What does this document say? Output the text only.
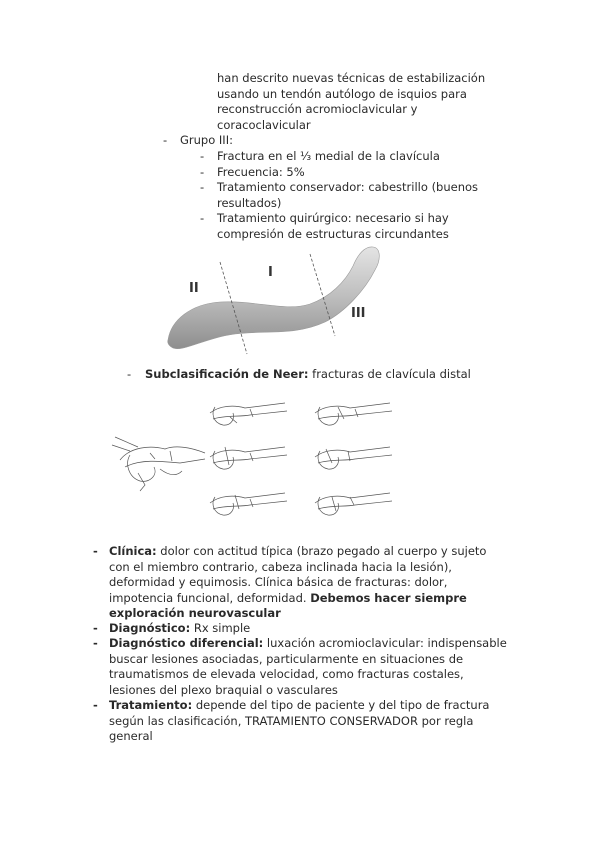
han descrito nuevas técnicas de estabilización
usando un tendón autólogo de isquios para
reconstrucción acromioclavicular y
coracoclavicular
- Grupo III:
- Fractura en el ⅓ medial de la clavícula
- Frecuencia: 5%
- Tratamiento conservador: cabestrillo (buenos
resultados)
- Tratamiento quirúrgico: necesario si hay
compresión de estructuras circundantes
I
II
III
- Subclasificación de Neer: fracturas de clavícula distal
- Clínica: dolor con actitud típica (brazo pegado al cuerpo y sujeto
con el miembro contrario, cabeza inclinada hacia la lesión),
deformidad y equimosis. Clínica básica de fracturas: dolor,
impotencia funcional, deformidad. Debemos hacer siempre
exploración neurovascular
- Diagnóstico: Rx simple
- Diagnóstico diferencial: luxación acromioclavicular: indispensable
buscar lesiones asociadas, particularmente en situaciones de
traumatismos de elevada velocidad, como fracturas costales,
lesiones del plexo braquial o vasculares
- Tratamiento: depende del tipo de paciente y del tipo de fractura
según las clasificación, TRATAMIENTO CONSERVADOR por regla
general
